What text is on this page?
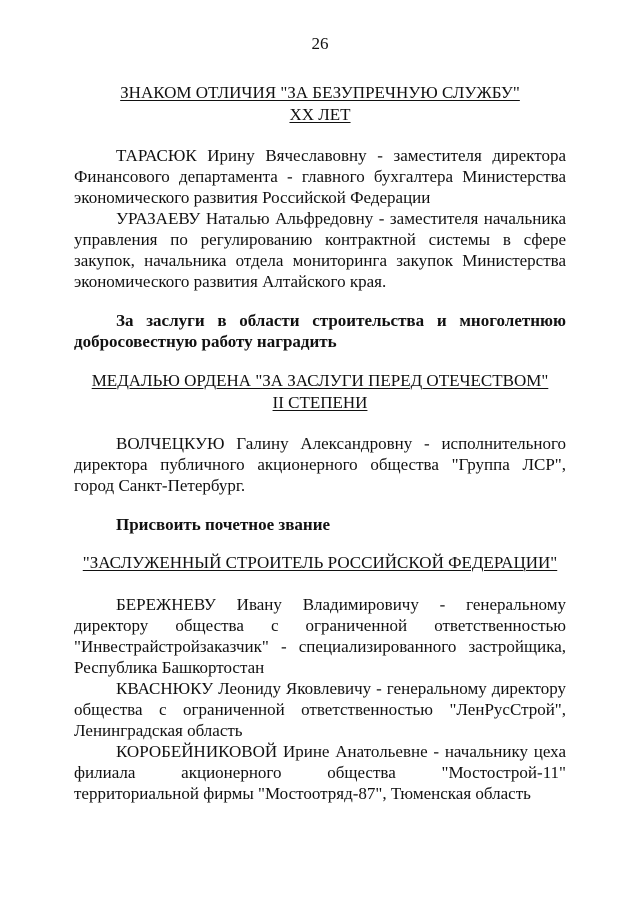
26
ЗНАКОМ ОТЛИЧИЯ "ЗА БЕЗУПРЕЧНУЮ СЛУЖБУ"
XX ЛЕТ

ТАРАСЮК Ирину Вячеславовну - заместителя директора Финансового департамента - главного бухгалтера Министерства экономического развития Российской Федерации

УРАЗАЕВУ Наталью Альфредовну - заместителя начальника управления по регулированию контрактной системы в сфере закупок, начальника отдела мониторинга закупок Министерства экономического развития Алтайского края.

За заслуги в области строительства и многолетнюю добросовестную работу наградить

МЕДАЛЬЮ ОРДЕНА "ЗА ЗАСЛУГИ ПЕРЕД ОТЕЧЕСТВОМ"
II СТЕПЕНИ

ВОЛЧЕЦКУЮ Галину Александровну - исполнительного директора публичного акционерного общества "Группа ЛСР", город Санкт-Петербург.

Присвоить почетное звание

"ЗАСЛУЖЕННЫЙ СТРОИТЕЛЬ РОССИЙСКОЙ ФЕДЕРАЦИИ"

БЕРЕЖНЕВУ Ивану Владимировичу - генеральному директору общества с ограниченной ответственностью "Инвестрайстройзаказчик" - специализированного застройщика, Республика Башкортостан

КВАСНЮКУ Леониду Яковлевичу - генеральному директору общества с ограниченной ответственностью "ЛенРусСтрой", Ленинградская область

КОРОБЕЙНИКОВОЙ Ирине Анатольевне - начальнику цеха филиала акционерного общества "Мостострой-11" территориальной фирмы "Мостоотряд-87", Тюменская область
